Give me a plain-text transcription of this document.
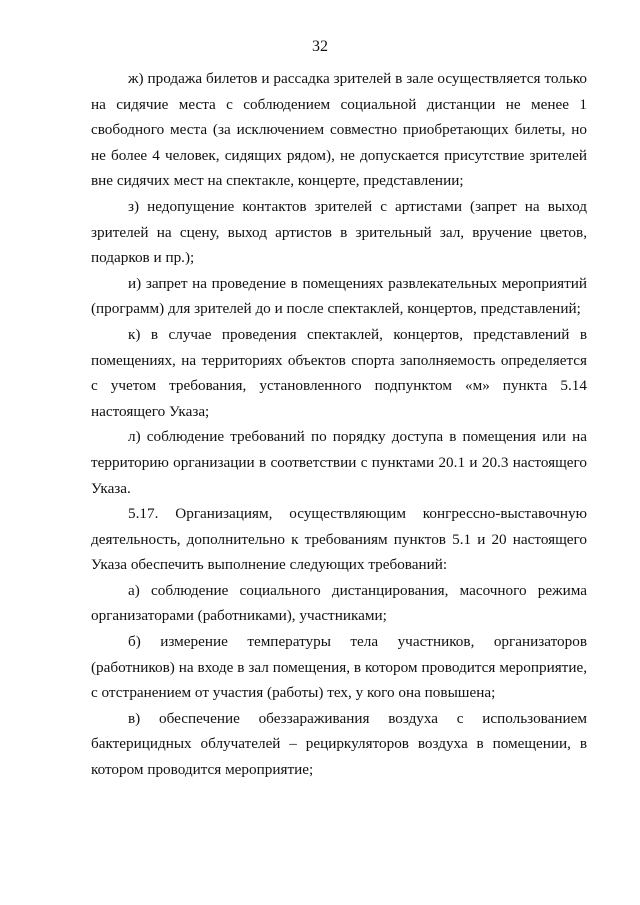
32

ж) продажа билетов и рассадка зрителей в зале осуществляется только на сидячие места с соблюдением социальной дистанции не менее 1 свободного места (за исключением совместно приобретающих билеты, но не более 4 человек, сидящих рядом), не допускается присутствие зрителей вне сидячих мест на спектакле, концерте, представлении;

з) недопущение контактов зрителей с артистами (запрет на выход зрителей на сцену, выход артистов в зрительный зал, вручение цветов, подарков и пр.);

и) запрет на проведение в помещениях развлекательных мероприятий (программ) для зрителей до и после спектаклей, концертов, представлений;

к) в случае проведения спектаклей, концертов, представлений в помещениях, на территориях объектов спорта заполняемость определяется с учетом требования, установленного подпунктом «м» пункта 5.14 настоящего Указа;

л) соблюдение требований по порядку доступа в помещения или на территорию организации в соответствии с пунктами 20.1 и 20.3 настоящего Указа.

5.17. Организациям, осуществляющим конгрессно-выставочную деятельность, дополнительно к требованиям пунктов 5.1 и 20 настоящего Указа обеспечить выполнение следующих требований:

а) соблюдение социального дистанцирования, масочного режима организаторами (работниками), участниками;

б) измерение температуры тела участников, организаторов (работников) на входе в зал помещения, в котором проводится мероприятие, с отстранением от участия (работы) тех, у кого она повышена;

в) обеспечение обеззараживания воздуха с использованием бактерицидных облучателей – рециркуляторов воздуха в помещении, в котором проводится мероприятие;
